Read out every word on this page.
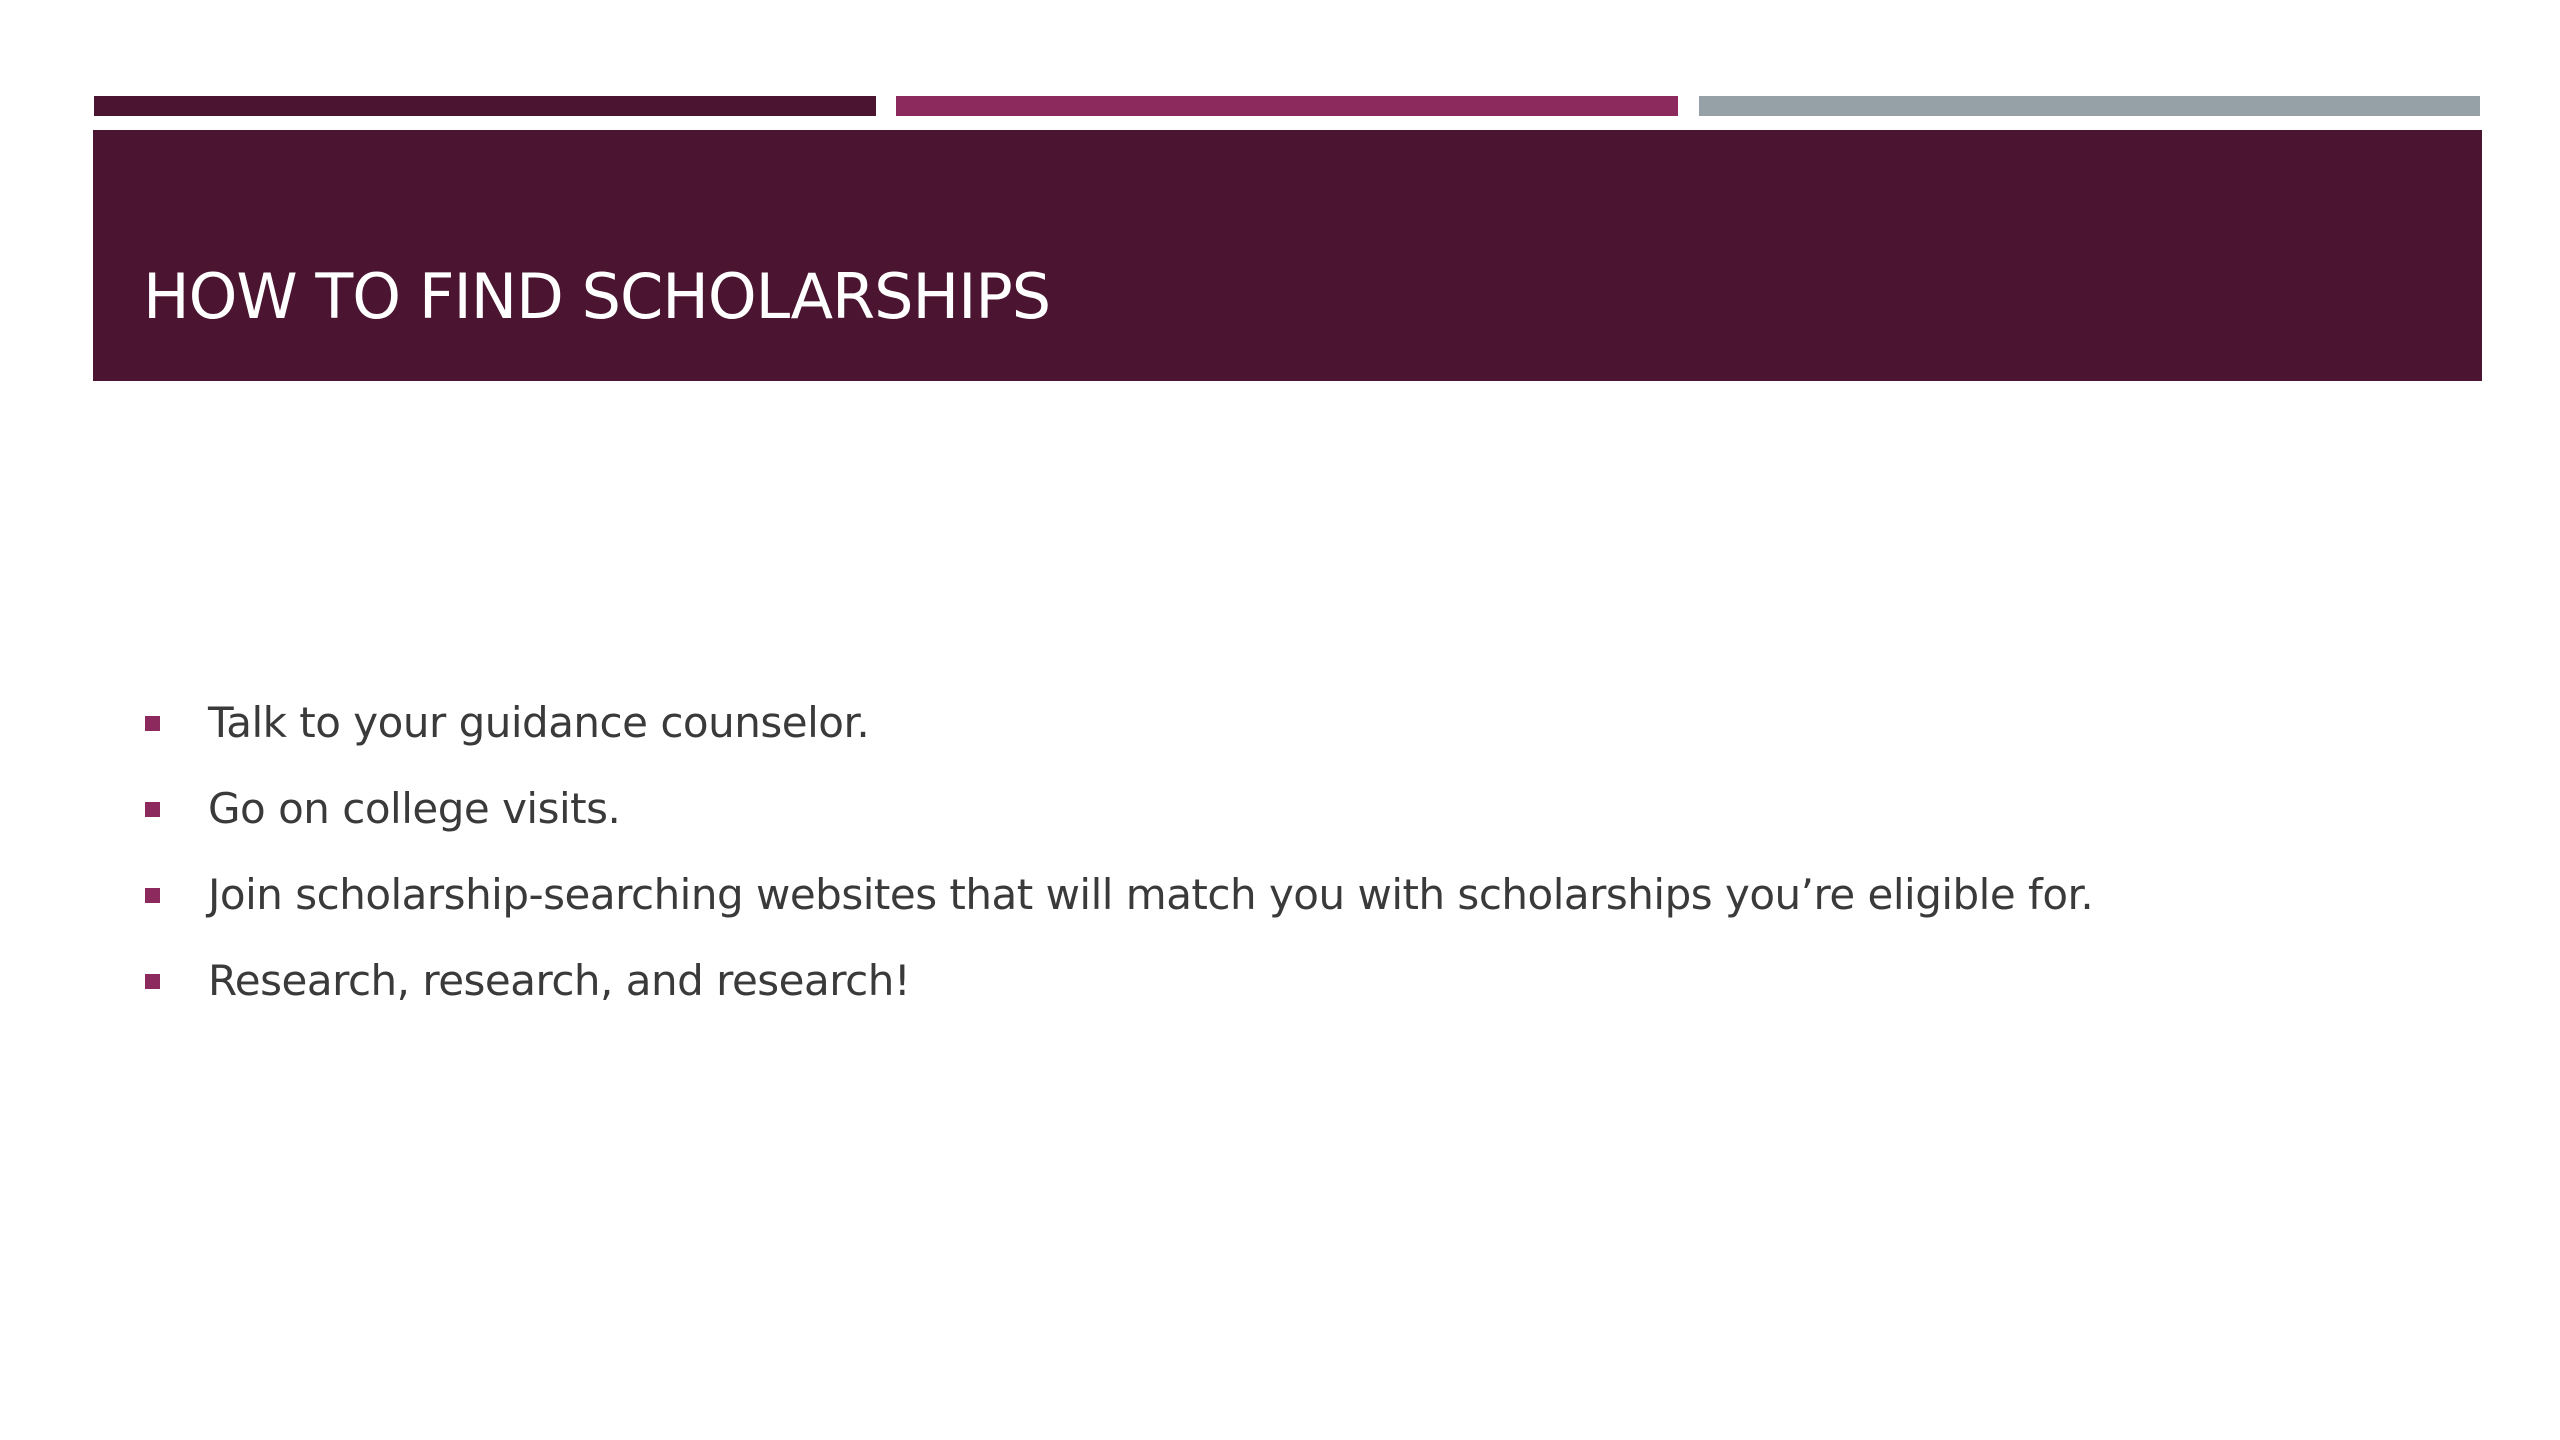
HOW TO FIND SCHOLARSHIPS
Talk to your guidance counselor.
Go on college visits.
Join scholarship-searching websites that will match you with scholarships you’re eligible for.
Research, research, and research!
